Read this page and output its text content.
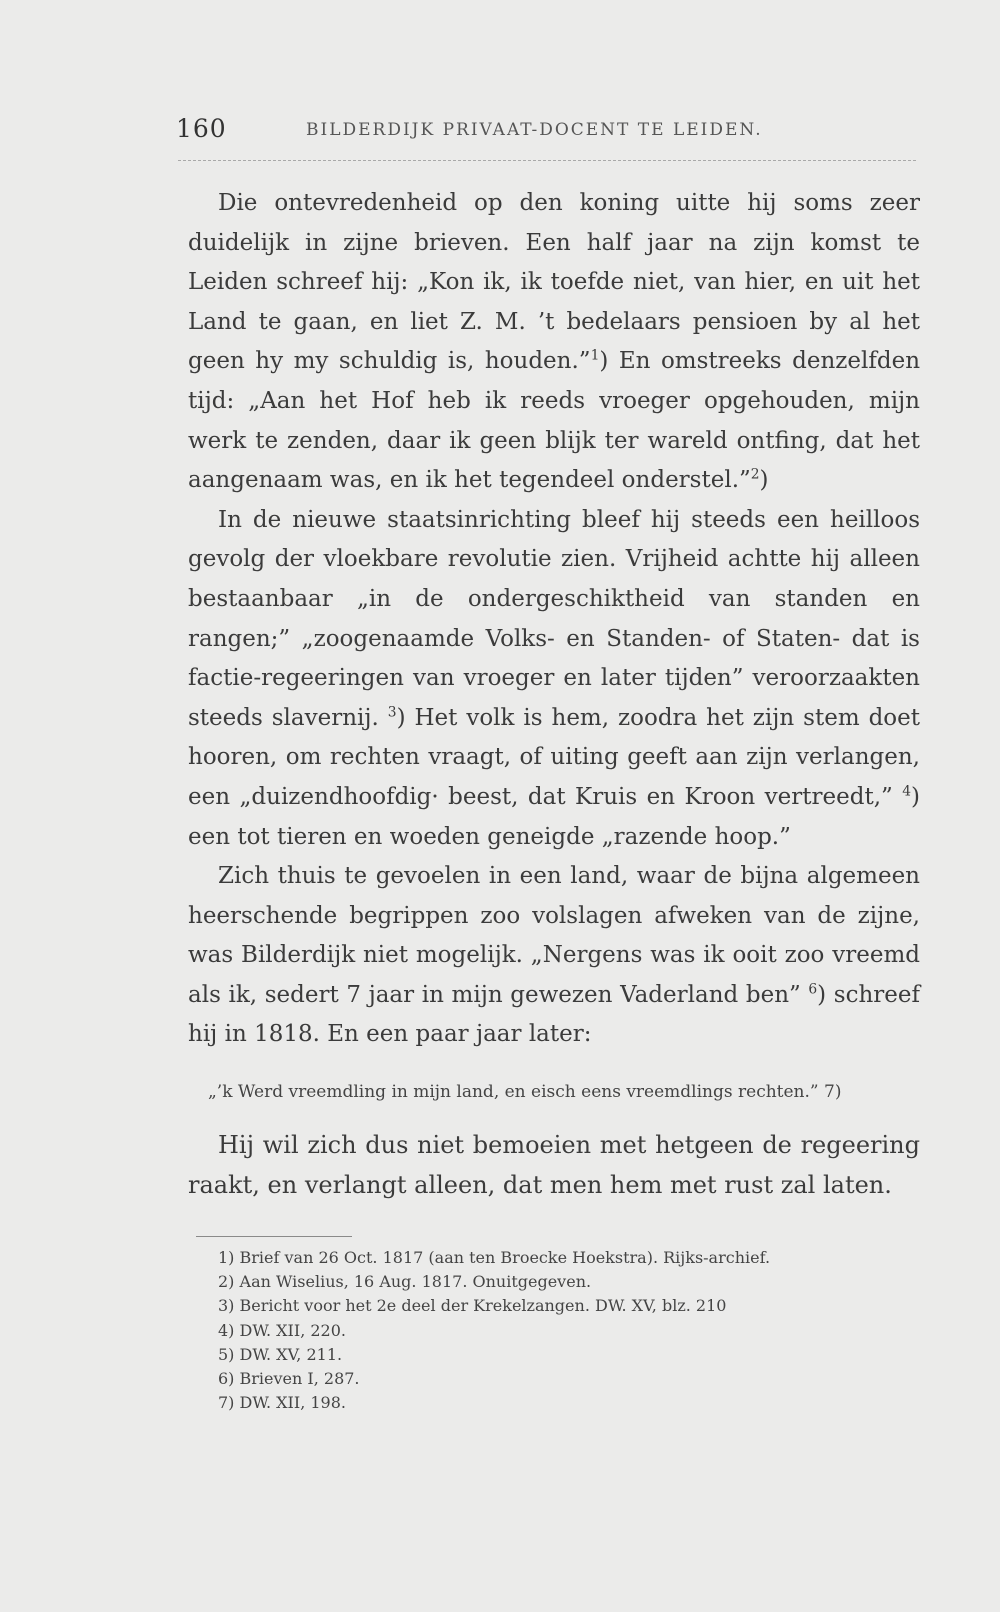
160	BILDERDIJK PRIVAAT-DOCENT TE LEIDEN.

Die ontevredenheid op den koning uitte hij soms zeer duidelijk in zijne brieven. Een half jaar na zijn komst te Leiden schreef hij: „Kon ik, ik toefde niet, van hier, en uit het Land te gaan, en liet Z. M. ’t bedelaars pensioen by al het geen hy my schuldig is, houden.”$^1$) En omstreeks denzelfden tijd: „Aan het Hof heb ik reeds vroeger opgehouden, mijn werk te zenden, daar ik geen blijk ter wareld ontfing, dat het aangenaam was, en ik het tegendeel onderstel.”$^2$)

In de nieuwe staatsinrichting bleef hij steeds een heilloos gevolg der vloekbare revolutie zien. Vrijheid achtte hij alleen bestaanbaar „in de ondergeschiktheid van standen en rangen;” „zoogenaamde Volks- en Standen- of Staten- dat is factie-regeeringen van vroeger en later tijden” veroorzaakten steeds slavernij. $^3$) Het volk is hem, zoodra het zijn stem doet hooren, om rechten vraagt, of uiting geeft aan zijn verlangen, een „duizendhoofdig· beest, dat Kruis en Kroon vertreedt,” $^4$) een tot tieren en woeden geneigde „razende hoop.”

Zich thuis te gevoelen in een land, waar de bijna algemeen heerschende begrippen zoo volslagen afweken van de zijne, was Bilderdijk niet mogelijk. „Nergens was ik ooit zoo vreemd als ik, sedert 7 jaar in mijn gewezen Vaderland ben” $^6$) schreef hij in 1818. En een paar jaar later:

„’k Werd vreemdling in mijn land, en eisch eens vreemdlings rechten.” 7)

Hij wil zich dus niet bemoeien met hetgeen de regeering raakt, en verlangt alleen, dat men hem met rust zal laten.

1) Brief van 26 Oct. 1817 (aan ten Broecke Hoekstra). Rijks-archief.
2) Aan Wiselius, 16 Aug. 1817. Onuitgegeven.
3) Bericht voor het 2e deel der Krekelzangen. DW. XV, blz. 210
4) DW. XII, 220.
5) DW. XV, 211.
6) Brieven I, 287.
7) DW. XII, 198.
